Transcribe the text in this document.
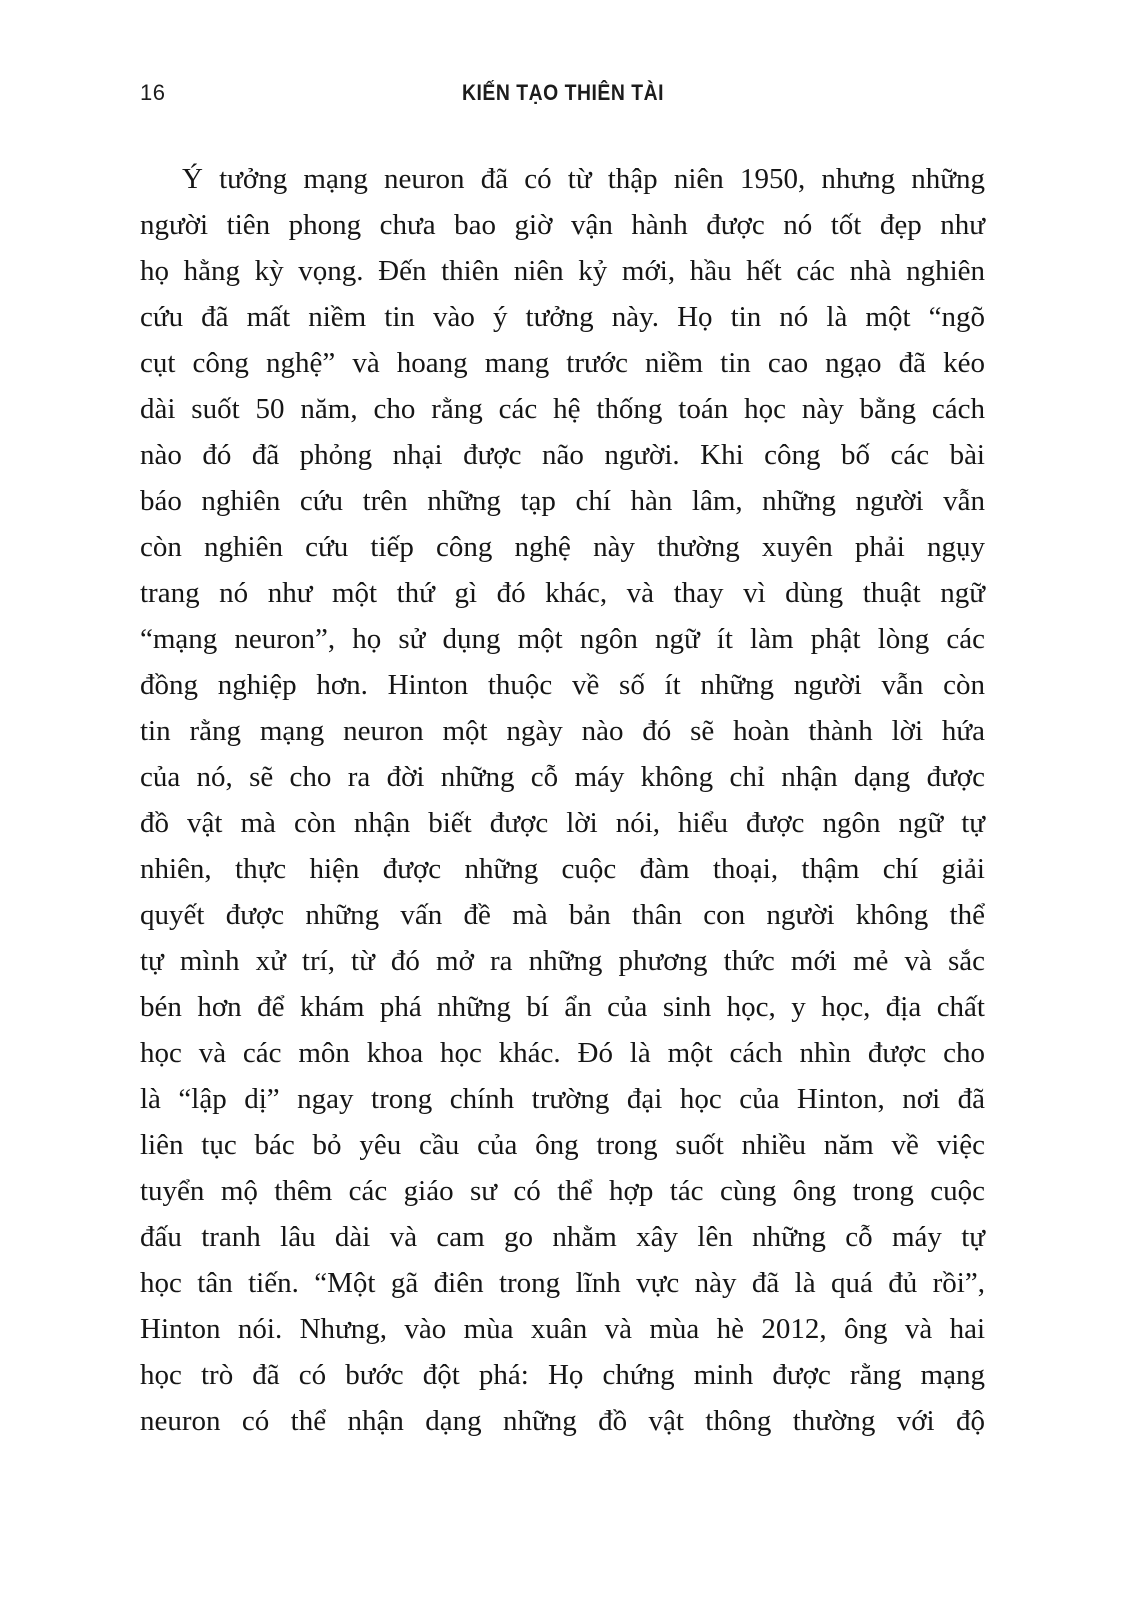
16	KIẾN TẠO THIÊN TÀI

Ý tưởng mạng neuron đã có từ thập niên 1950, nhưng những

người tiên phong chưa bao giờ vận hành được nó tốt đẹp như

họ hằng kỳ vọng. Đến thiên niên kỷ mới, hầu hết các nhà nghiên

cứu đã mất niềm tin vào ý tưởng này. Họ tin nó là một “ngõ

cụt công nghệ” và hoang mang trước niềm tin cao ngạo đã kéo

dài suốt 50 năm, cho rằng các hệ thống toán học này bằng cách

nào đó đã phỏng nhại được não người. Khi công bố các bài

báo nghiên cứu trên những tạp chí hàn lâm, những người vẫn

còn nghiên cứu tiếp công nghệ này thường xuyên phải ngụy

trang nó như một thứ gì đó khác, và thay vì dùng thuật ngữ

“mạng neuron”, họ sử dụng một ngôn ngữ ít làm phật lòng các

đồng nghiệp hơn. Hinton thuộc về số ít những người vẫn còn

tin rằng mạng neuron một ngày nào đó sẽ hoàn thành lời hứa

của nó, sẽ cho ra đời những cỗ máy không chỉ nhận dạng được

đồ vật mà còn nhận biết được lời nói, hiểu được ngôn ngữ tự

nhiên, thực hiện được những cuộc đàm thoại, thậm chí giải

quyết được những vấn đề mà bản thân con người không thể

tự mình xử trí, từ đó mở ra những phương thức mới mẻ và sắc

bén hơn để khám phá những bí ẩn của sinh học, y học, địa chất

học và các môn khoa học khác. Đó là một cách nhìn được cho

là “lập dị” ngay trong chính trường đại học của Hinton, nơi đã

liên tục bác bỏ yêu cầu của ông trong suốt nhiều năm về việc

tuyển mộ thêm các giáo sư có thể hợp tác cùng ông trong cuộc

đấu tranh lâu dài và cam go nhằm xây lên những cỗ máy tự

học tân tiến. “Một gã điên trong lĩnh vực này đã là quá đủ rồi”,

Hinton nói. Nhưng, vào mùa xuân và mùa hè 2012, ông và hai

học trò đã có bước đột phá: Họ chứng minh được rằng mạng

neuron có thể nhận dạng những đồ vật thông thường với độ
